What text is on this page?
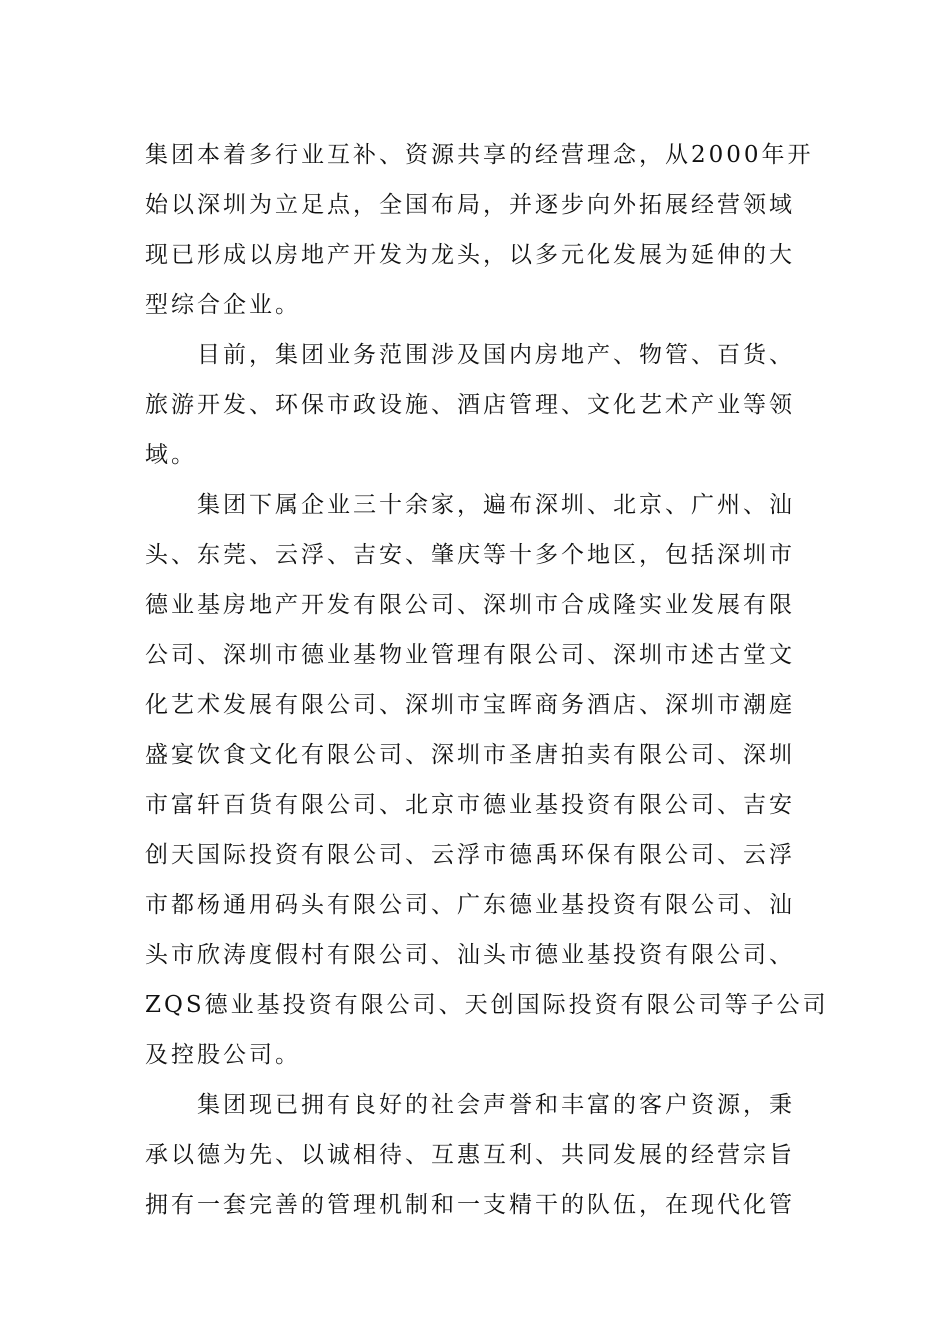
集团本着多行业互补、资源共享的经营理念，从2000年开
始以深圳为立足点，全国布局，并逐步向外拓展经营领域
现已形成以房地产开发为龙头，以多元化发展为延伸的大
型综合企业。
目前，集团业务范围涉及国内房地产、物管、百货、
旅游开发、环保市政设施、酒店管理、文化艺术产业等领
域。
集团下属企业三十余家，遍布深圳、北京、广州、汕
头、东莞、云浮、吉安、肇庆等十多个地区，包括深圳市
德业基房地产开发有限公司、深圳市合成隆实业发展有限
公司、深圳市德业基物业管理有限公司、深圳市述古堂文
化艺术发展有限公司、深圳市宝晖商务酒店、深圳市潮庭
盛宴饮食文化有限公司、深圳市圣唐拍卖有限公司、深圳
市富轩百货有限公司、北京市德业基投资有限公司、吉安
创天国际投资有限公司、云浮市德禹环保有限公司、云浮
市都杨通用码头有限公司、广东德业基投资有限公司、汕
头市欣涛度假村有限公司、汕头市德业基投资有限公司、
ZQS德业基投资有限公司、天创国际投资有限公司等子公司
及控股公司。
集团现已拥有良好的社会声誉和丰富的客户资源，秉
承以德为先、以诚相待、互惠互利、共同发展的经营宗旨
拥有一套完善的管理机制和一支精干的队伍，在现代化管
